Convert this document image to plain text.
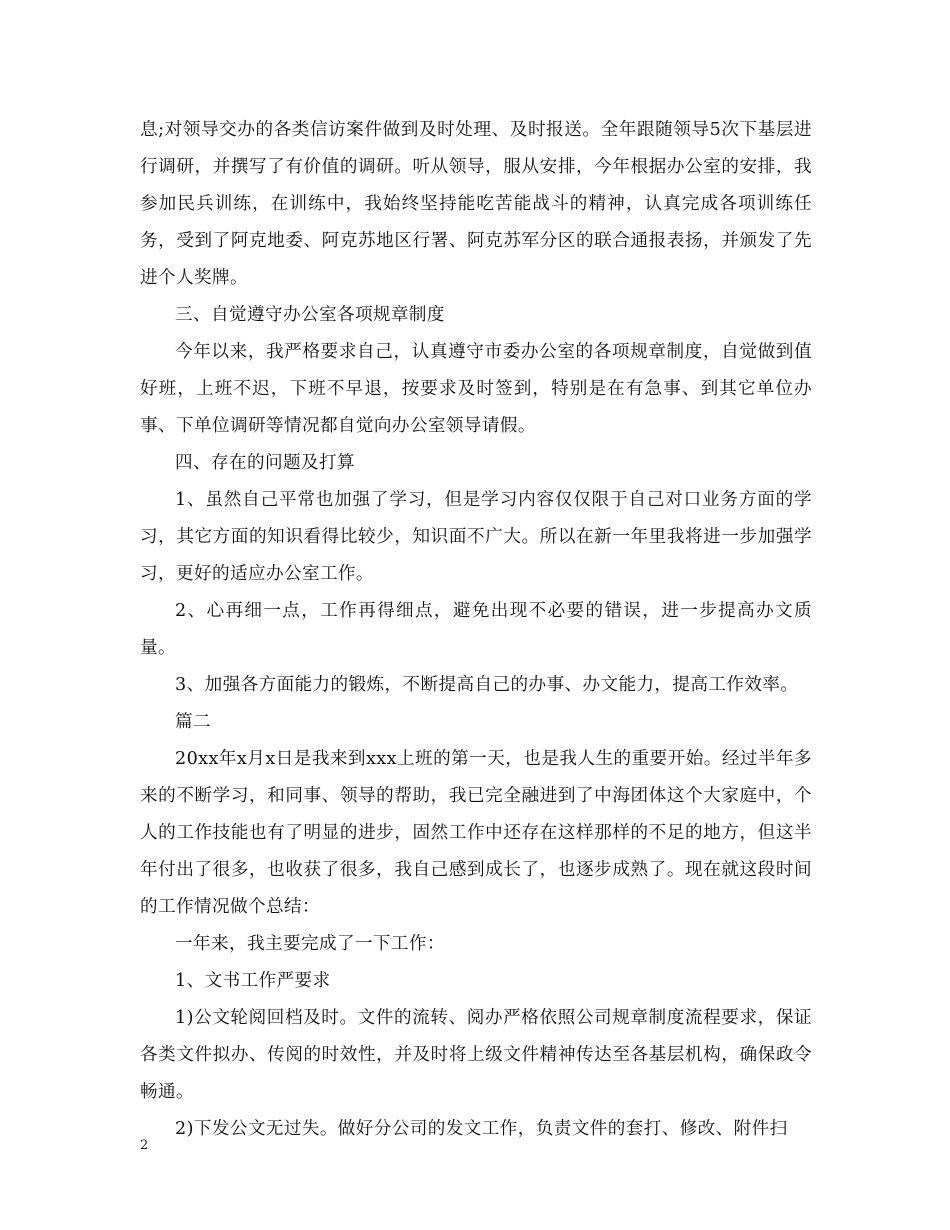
息;对领导交办的各类信访案件做到及时处理、及时报送。全年跟随领导5次下基层进行调研，并撰写了有价值的调研。听从领导，服从安排，今年根据办公室的安排，我参加民兵训练，在训练中，我始终坚持能吃苦能战斗的精神，认真完成各项训练任务，受到了阿克地委、阿克苏地区行署、阿克苏军分区的联合通报表扬，并颁发了先进个人奖牌。

三、自觉遵守办公室各项规章制度

今年以来，我严格要求自己，认真遵守市委办公室的各项规章制度，自觉做到值好班，上班不迟，下班不早退，按要求及时签到，特别是在有急事、到其它单位办事、下单位调研等情况都自觉向办公室领导请假。

四、存在的问题及打算

1、虽然自己平常也加强了学习，但是学习内容仅仅限于自己对口业务方面的学习，其它方面的知识看得比较少，知识面不广大。所以在新一年里我将进一步加强学习，更好的适应办公室工作。

2、心再细一点，工作再得细点，避免出现不必要的错误，进一步提高办文质量。

3、加强各方面能力的锻炼，不断提高自己的办事、办文能力，提高工作效率。

篇二

20xx年x月x日是我来到xxx上班的第一天，也是我人生的重要开始。经过半年多来的不断学习，和同事、领导的帮助，我已完全融进到了中海团体这个大家庭中，个人的工作技能也有了明显的进步，固然工作中还存在这样那样的不足的地方，但这半年付出了很多，也收获了很多，我自己感到成长了，也逐步成熟了。现在就这段时间的工作情况做个总结：

一年来，我主要完成了一下工作：

1、文书工作严要求

1)公文轮阅回档及时。文件的流转、阅办严格依照公司规章制度流程要求，保证各类文件拟办、传阅的时效性，并及时将上级文件精神传达至各基层机构，确保政令畅通。

2)下发公文无过失。做好分公司的发文工作，负责文件的套打、修改、附件扫

2
